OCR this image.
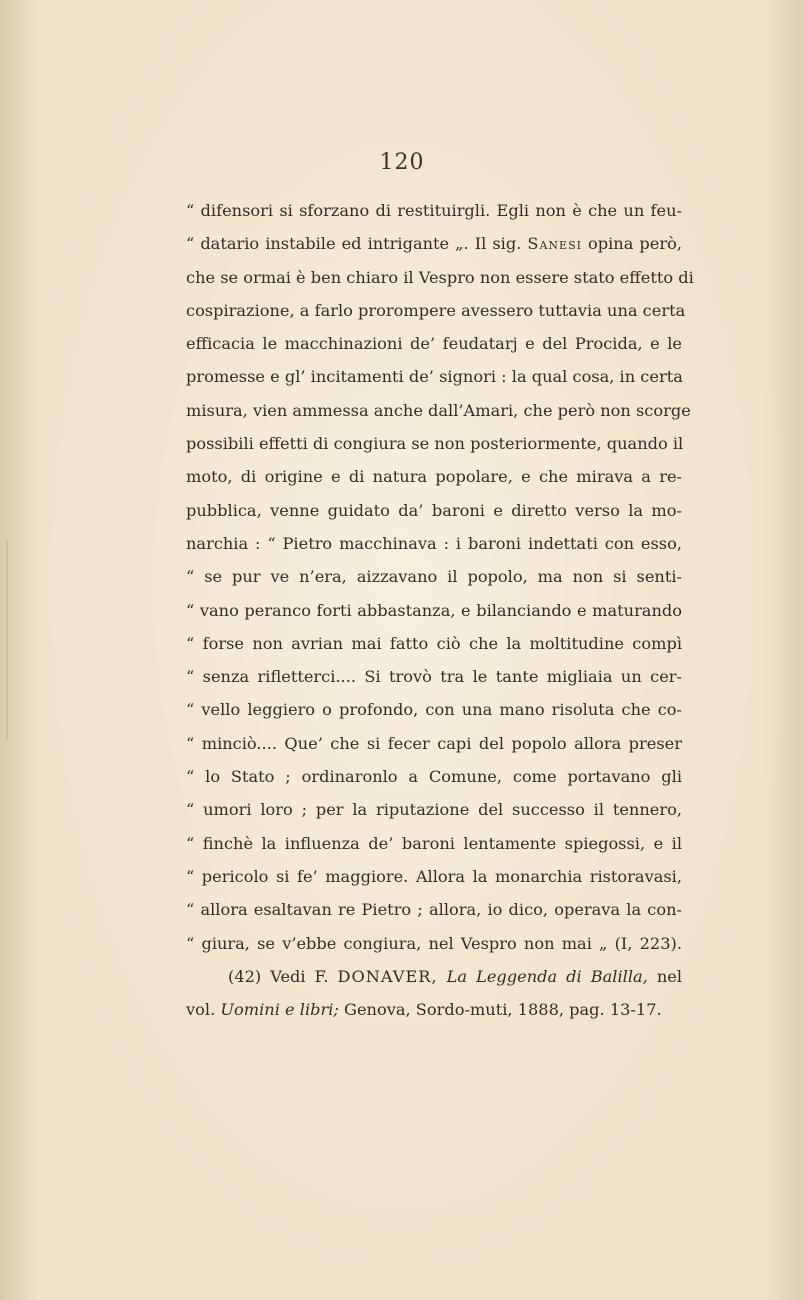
120
“ difensori si sforzano di restituirgli. Egli non è che un feu-
“ datario instabile ed intrigante „. Il sig. Sanesi opina però,
che se ormai è ben chiaro il Vespro non essere stato effetto di
cospirazione, a farlo prorompere avessero tuttavia una certa
efficacia le macchinazioni de’ feudatarj e del Procida, e le
promesse e gl’ incitamenti de’ signori : la qual cosa, in certa
misura, vien ammessa anche dall’Amari, che però non scorge
possibili effetti di congiura se non posteriormente, quando il
moto, di origine e di natura popolare, e che mirava a re-
pubblica, venne guidato da’ baroni e diretto verso la mo-
narchia : “ Pietro macchinava : i baroni indettati con esso,
“ se pur ve n’era, aizzavano il popolo, ma non si senti-
“ vano peranco forti abbastanza, e bilanciando e maturando
“ forse non avrian mai fatto ciò che la moltitudine compì
“ senza rifletterci.... Si trovò tra le tante migliaia un cer-
“ vello leggiero o profondo, con una mano risoluta che co-
“ minciò.... Que’ che si fecer capi del popolo allora preser
“ lo Stato ; ordinaronlo a Comune, come portavano gli
“ umori loro ; per la riputazione del successo il tennero,
“ finchè la influenza de’ baroni lentamente spiegossi, e il
“ pericolo si fe’ maggiore. Allora la monarchia ristoravasi,
“ allora esaltavan re Pietro ; allora, io dico, operava la con-
“ giura, se v’ebbe congiura, nel Vespro non mai „ (I, 223).
(42) Vedi F. DONAVER, La Leggenda di Balilla, nel
vol. Uomini e libri; Genova, Sordo-muti, 1888, pag. 13-17.
